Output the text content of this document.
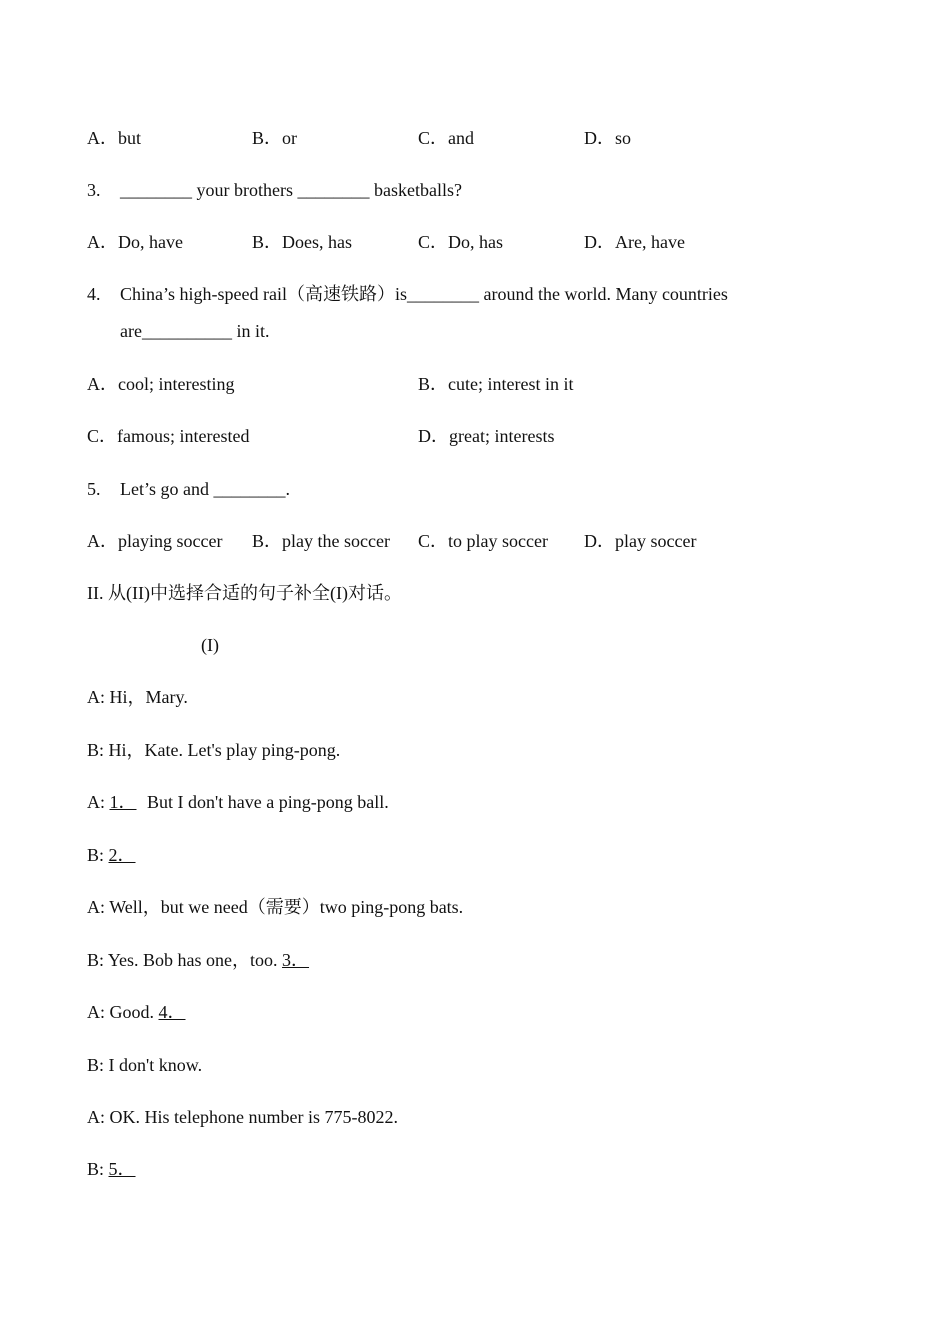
A．but	B．or	C．and	D．so
3. ________ your brothers ________ basketballs?
A．Do, have	B．Does, has	C．Do, has	D．Are, have
4. China’s high-speed rail（高速铁路）is________ around the world. Many countries
are__________ in it.
A．cool; interesting	B．cute; interest in it
C．famous; interested	D．great; interests
5. Let’s go and ________.
A．playing soccer B．play the soccer C．to play soccer D．play soccer
II. 从(II)中选择合适的句子补全(I)对话。
(I)
A: Hi，Mary.
B: Hi，Kate. Let's play ping-pong.
A: 1． But I don't have a ping-pong ball.
B: 2．
A: Well，but we need（需要）two ping-pong bats.
B: Yes. Bob has one，too. 3．
A: Good. 4．
B: I don't know.
A: OK. His telephone number is 775-8022.
B: 5．
